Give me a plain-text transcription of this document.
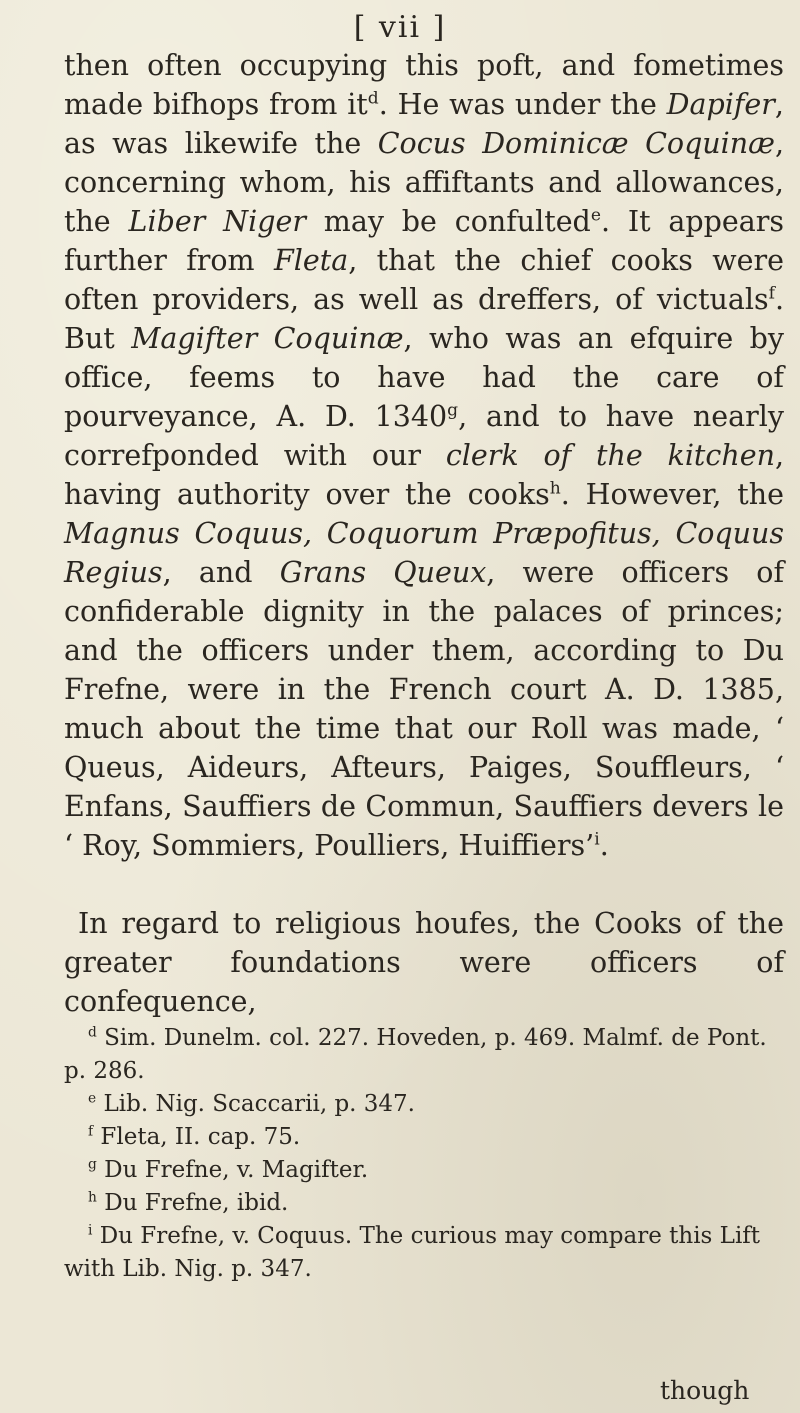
[ vii ]

then often occupying this poft, and fometimes made bifhops from $it^d$. He was under the Dapifer, as was likewife the Cocus Dominicæ Coquinæ, concerning whom, his affiftants and allowances, the Liber Niger may be confulted$^e$. It appears further from Fleta, that the chief cooks were often providers, as well as dreffers, of victuals$^f$. But Magifter Coquinæ, who was an efquire by office, feems to have had the care of pourveyance, A. D. 1340$^g$, and to have nearly correfponded with our clerk of the kitchen, having authority over the cooks$^h$. However, the Magnus Coquus, Coquorum Præpofitus, Coquus Regius, and Grans Queux, were officers of confiderable dignity in the palaces of princes; and the officers under them, according to Du Frefne, were in the French court A. D. 1385, much about the time that our Roll was made, ‘ Queus, Aideurs, Afteurs, Paiges, Souffleurs, ‘ Enfans, Sauffiers de Commun, Sauffiers devers le ‘ Roy, Sommiers, Poulliers, Huiffiers’$^i$.

In regard to religious houfes, the Cooks of the greater foundations were officers of confequence,

$^d$ Sim. Dunelm. col. 227. Hoveden, p. 469. Malmf. de Pont. p. 286.
$^e$ Lib. Nig. Scaccarii, p. 347.
$^f$ Fleta, II. cap. 75.
$^g$ Du Frefne, v. Magifter.
$^h$ Du Frefne, ibid.
$^i$ Du Frefne, v. Coquus. The curious may compare this Lift with Lib. Nig. p. 347.
though
